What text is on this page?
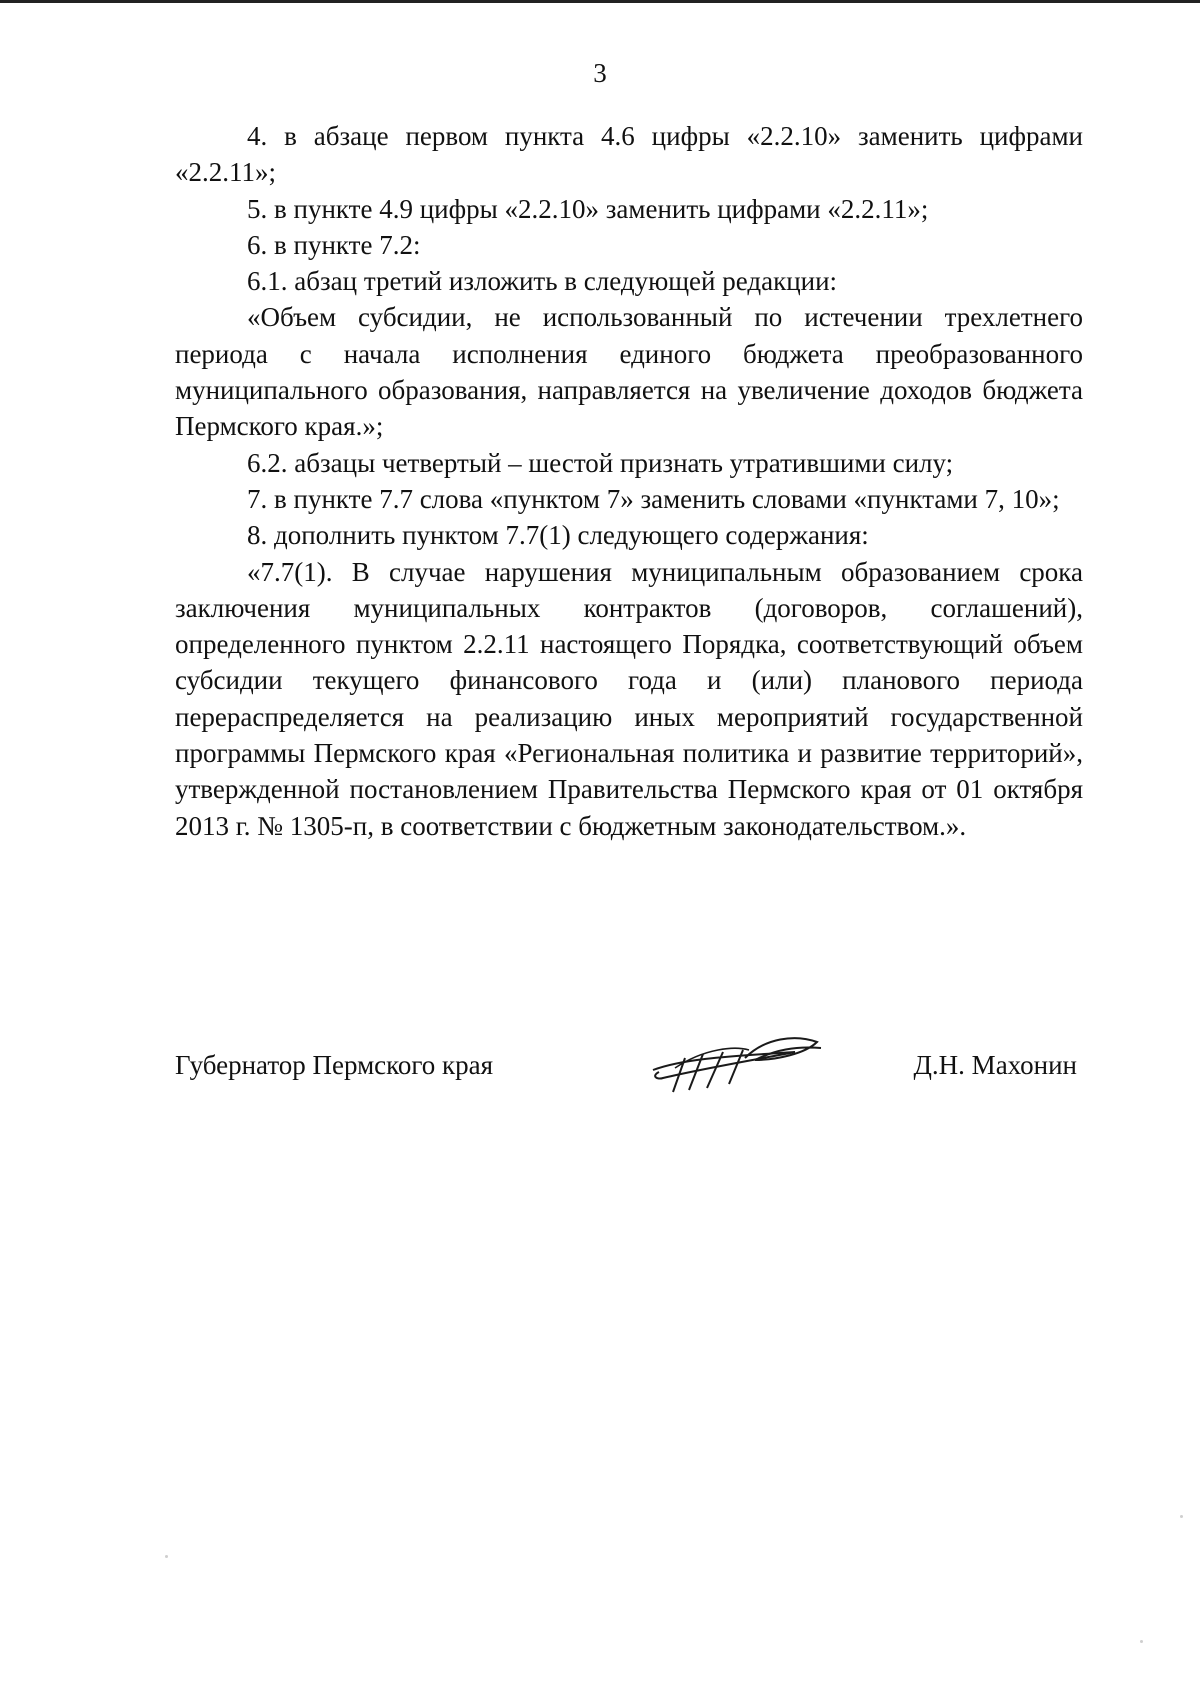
3

4. в абзаце первом пункта 4.6 цифры «2.2.10» заменить цифрами «2.2.11»;

5. в пункте 4.9 цифры «2.2.10» заменить цифрами «2.2.11»;

6. в пункте 7.2:

6.1. абзац третий изложить в следующей редакции:

«Объем субсидии, не использованный по истечении трехлетнего периода с начала исполнения единого бюджета преобразованного муниципального образования, направляется на увеличение доходов бюджета Пермского края.»;

6.2. абзацы четвертый – шестой признать утратившими силу;

7. в пункте 7.7 слова «пунктом 7» заменить словами «пунктами 7, 10»;

8. дополнить пунктом 7.7(1) следующего содержания:

«7.7(1). В случае нарушения муниципальным образованием срока заключения муниципальных контрактов (договоров, соглашений), определенного пунктом 2.2.11 настоящего Порядка, соответствующий объем субсидии текущего финансового года и (или) планового периода перераспределяется на реализацию иных мероприятий государственной программы Пермского края «Региональная политика и развитие территорий», утвержденной постановлением Правительства Пермского края от 01 октября 2013 г. № 1305-п, в соответствии с бюджетным законодательством.».

Губернатор Пермского края	Д.Н. Махонин
